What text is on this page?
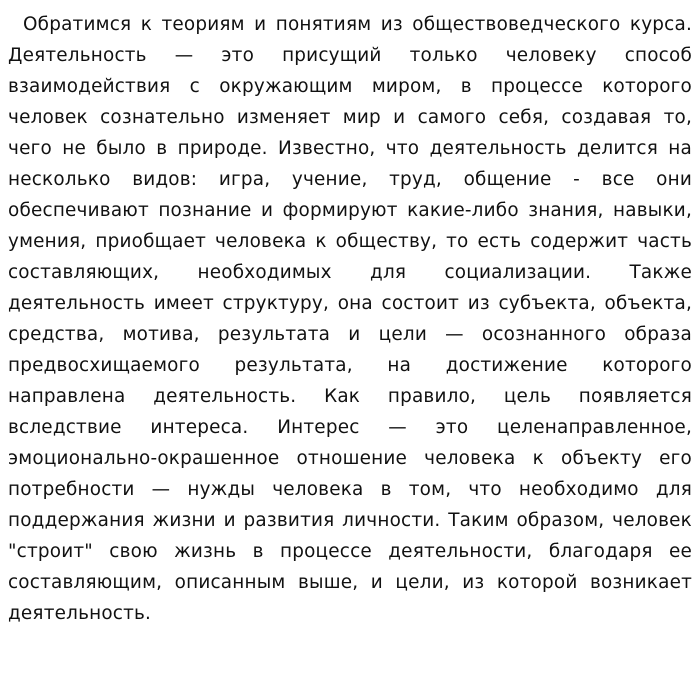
Обратимся к теориям и понятиям из обществоведческого курса. Деятельность — это присущий только человеку способ взаимодействия с окружающим миром, в процессе которого человек сознательно изменяет мир и самого себя, создавая то, чего не было в природе. Известно, что деятельность делится на несколько видов: игра, учение, труд, общение - все они обеспечивают познание и формируют какие-либо знания, навыки, умения, приобщает человека к обществу, то есть содержит часть составляющих, необходимых для социализации. Также деятельность имеет структуру, она состоит из субъекта, объекта, средства, мотива, результата и цели — осознанного образа предвосхищаемого результата, на достижение которого направлена деятельность. Как правило, цель появляется вследствие интереса. Интерес — это целенаправленное, эмоционально-окрашенное отношение человека к объекту его потребности — нужды человека в том, что необходимо для поддержания жизни и развития личности. Таким образом, человек "строит" свою жизнь в процессе деятельности, благодаря ее составляющим, описанным выше, и цели, из которой возникает деятельность.
